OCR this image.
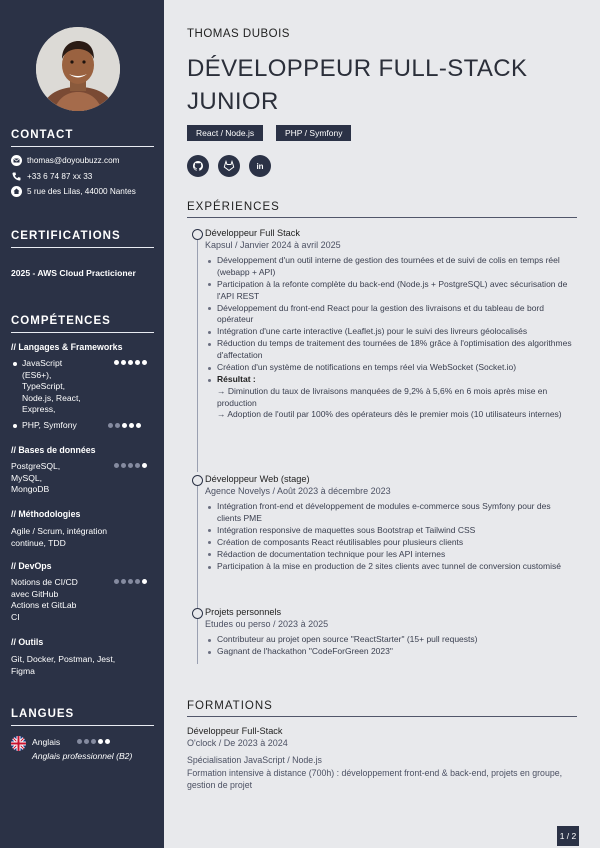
CONTACT
thomas@doyoubuzz.com
+33 6 74 87 xx 33
5 rue des Lilas, 44000 Nantes
CERTIFICATIONS
2025 - AWS Cloud Practicioner
COMPÉTENCES
// Langages & Frameworks
JavaScript
(ES6+),
TypeScript,
Node.js, React,
Express,
PHP, Symfony
// Bases de données
PostgreSQL,
MySQL,
MongoDB
// Méthodologies
Agile / Scrum, intégration
continue, TDD
// DevOps
Notions de CI/CD
avec GitHub
Actions et GitLab
CI
// Outils
Git, Docker, Postman, Jest,
Figma
LANGUES
Anglais
Anglais professionnel (B2)
THOMAS DUBOIS
DÉVELOPPEUR FULL-STACK
JUNIOR
React / Node.js	PHP / Symfony
in
EXPÉRIENCES
Développeur Full Stack
Kapsul / Janvier 2024 à avril 2025
Développement d'un outil interne de gestion des tournées et de suivi de colis en temps réel (webapp + API)
Participation à la refonte complète du back-end (Node.js + PostgreSQL) avec sécurisation de l'API REST
Développement du front-end React pour la gestion des livraisons et du tableau de bord opérateur
Intégration d'une carte interactive (Leaflet.js) pour le suivi des livreurs géolocalisés
Réduction du temps de traitement des tournées de 18% grâce à l'optimisation des algorithmes d'affectation
Création d'un système de notifications en temps réel via WebSocket (Socket.io)
Résultat :
→ Diminution du taux de livraisons manquées de 9,2% à 5,6% en 6 mois après mise en production
→ Adoption de l'outil par 100% des opérateurs dès le premier mois (10 utilisateurs internes)
Développeur Web (stage)
Agence Novelys / Août 2023 à décembre 2023
Intégration front-end et développement de modules e-commerce sous Symfony pour des clients PME
Intégration responsive de maquettes sous Bootstrap et Tailwind CSS
Création de composants React réutilisables pour plusieurs clients
Rédaction de documentation technique pour les API internes
Participation à la mise en production de 2 sites clients avec tunnel de conversion customisé
Projets personnels
Etudes ou perso / 2023 à 2025
Contributeur au projet open source "ReactStarter" (15+ pull requests)
Gagnant de l'hackathon "CodeForGreen 2023"
FORMATIONS
Développeur Full-Stack
O'clock / De 2023 à 2024
Spécialisation JavaScript / Node.js
Formation intensive à distance (700h) : développement front-end & back-end, projets en groupe, gestion de projet
1 / 2
